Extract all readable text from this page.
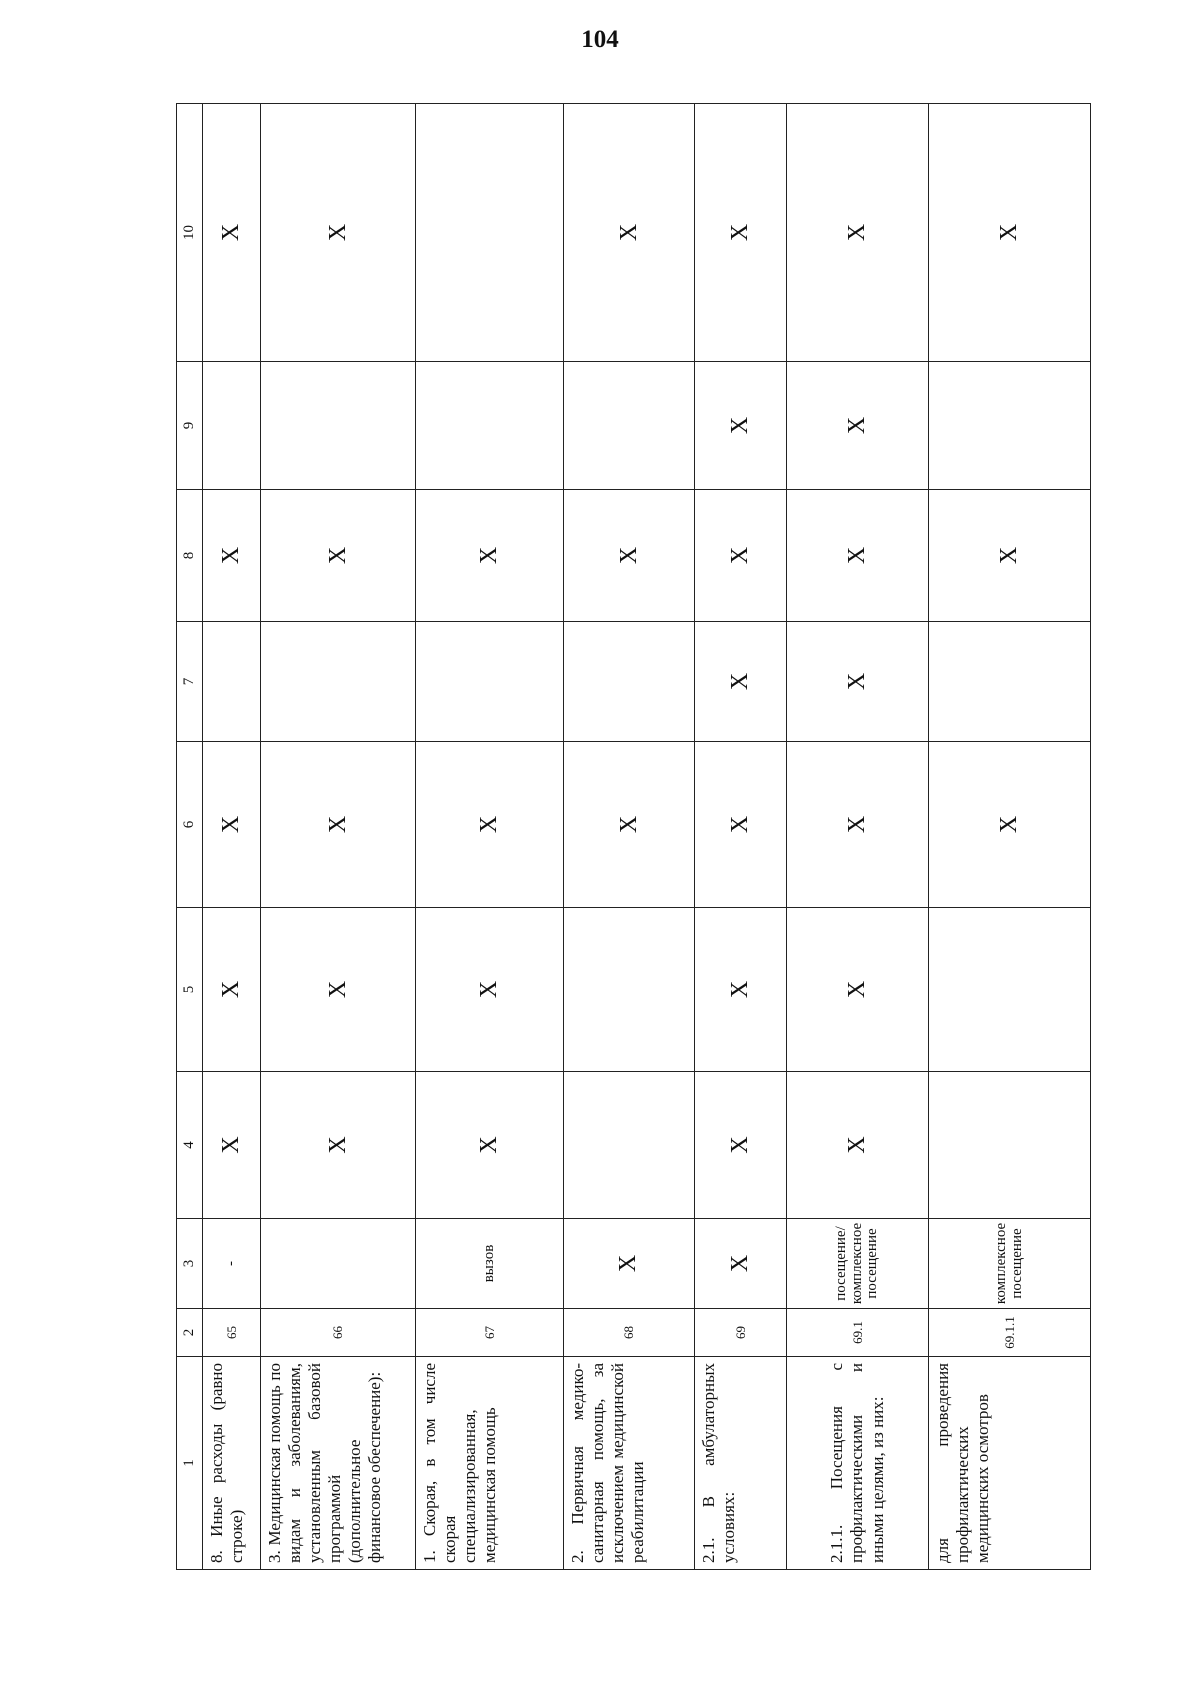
104
1	2	3	4	5	6	7	8	9	10
8. Иные расходы (равно строке)	65	-	X	X	X		X		X
3. Медицинская помощь по видам и заболеваниям, установленным базовой программой (дополнительное финансовое обеспечение):	66		X	X	X		X		X
1. Скорая, в том числе скорая специализированная, медицинская помощь	67	вызов	X	X	X		X		
2. Первичная медико-санитарная помощь, за исключением медицинской реабилитации	68	X			X		X		X
2.1. В амбулаторных условиях:	69	X	X	X	X	X	X	X	X
2.1.1. Посещения с профилактическими и иными целями, из них:	69.1	посещение/ комплексное посещение	X	X	X	X	X	X	X
для проведения профилактических медицинских осмотров	69.1.1	комплексное посещение			X		X		X
